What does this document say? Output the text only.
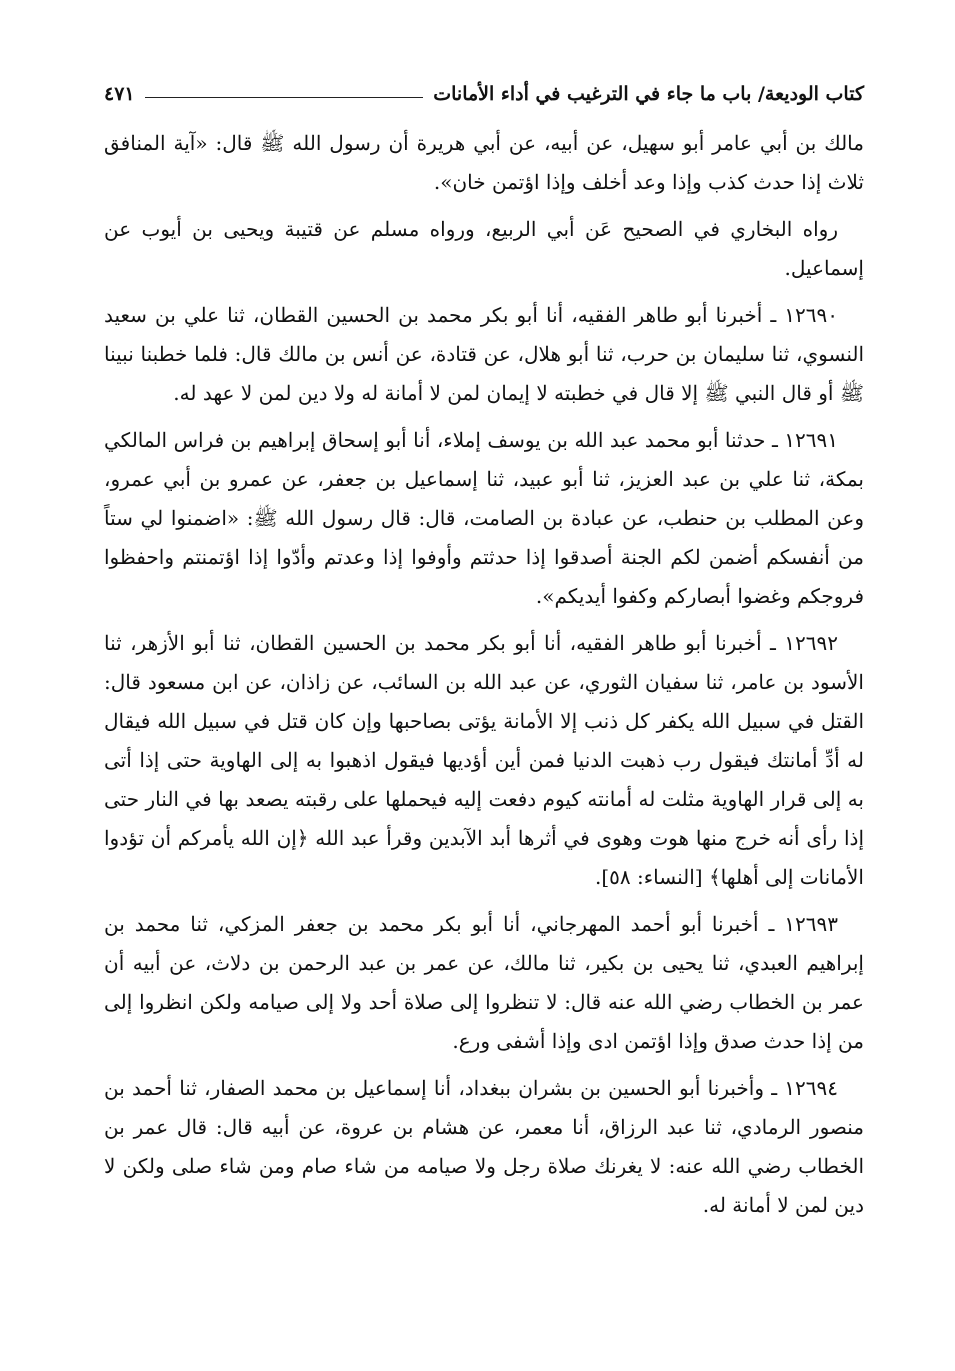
كتاب الوديعة/ باب ما جاء في الترغيب في أداء الأمانات
٤٧١

مالك بن أبي عامر أبو سهيل، عن أبيه، عن أبي هريرة أن رسول الله ﷺ قال: «آية المنافق ثلاث إذا حدث كذب وإذا وعد أخلف وإذا اؤتمن خان».

رواه البخاري في الصحيح عَن أبي الربيع، ورواه مسلم عن قتيبة ويحيى بن أيوب عن إسماعيل.

١٢٦٩٠ ـ أخبرنا أبو طاهر الفقيه، أنا أبو بكر محمد بن الحسين القطان، ثنا علي بن سعيد النسوي، ثنا سليمان بن حرب، ثنا أبو هلال، عن قتادة، عن أنس بن مالك قال: فلما خطبنا نبينا ﷺ أو قال النبي ﷺ إلا قال في خطبته لا إيمان لمن لا أمانة له ولا دين لمن لا عهد له.

١٢٦٩١ ـ حدثنا أبو محمد عبد الله بن يوسف إملاء، أنا أبو إسحاق إبراهيم بن فراس المالكي بمكة، ثنا علي بن عبد العزيز، ثنا أبو عبيد، ثنا إسماعيل بن جعفر، عن عمرو بن أبي عمرو، وعن المطلب بن حنطب، عن عبادة بن الصامت، قال: قال رسول الله ﷺ: «اضمنوا لي ستاً من أنفسكم أضمن لكم الجنة أصدقوا إذا حدثتم وأوفوا إذا وعدتم وأدّوا إذا اؤتمنتم واحفظوا فروجكم وغضوا أبصاركم وكفوا أيديكم».

١٢٦٩٢ ـ أخبرنا أبو طاهر الفقيه، أنا أبو بكر محمد بن الحسين القطان، ثنا أبو الأزهر، ثنا الأسود بن عامر، ثنا سفيان الثوري، عن عبد الله بن السائب، عن زاذان، عن ابن مسعود قال: القتل في سبيل الله يكفر كل ذنب إلا الأمانة يؤتى بصاحبها وإن كان قتل في سبيل الله فيقال له أدِّ أمانتك فيقول رب ذهبت الدنيا فمن أين أؤديها فيقول اذهبوا به إلى الهاوية حتى إذا أتى به إلى قرار الهاوية مثلت له أمانته كيوم دفعت إليه فيحملها على رقبته يصعد بها في النار حتى إذا رأى أنه خرج منها هوت وهوى في أثرها أبد الآبدين وقرأ عبد الله ﴿إن الله يأمركم أن تؤدوا الأمانات إلى أهلها﴾ [النساء: ٥٨].

١٢٦٩٣ ـ أخبرنا أبو أحمد المهرجاني، أنا أبو بكر محمد بن جعفر المزكي، ثنا محمد بن إبراهيم العبدي، ثنا يحيى بن بكير، ثنا مالك، عن عمر بن عبد الرحمن بن دلاث، عن أبيه أن عمر بن الخطاب رضي الله عنه قال: لا تنظروا إلى صلاة أحد ولا إلى صيامه ولكن انظروا إلى من إذا حدث صدق وإذا اؤتمن ادى وإذا أشفى ورع.

١٢٦٩٤ ـ وأخبرنا أبو الحسين بن بشران ببغداد، أنا إسماعيل بن محمد الصفار، ثنا أحمد بن منصور الرمادي، ثنا عبد الرزاق، أنا معمر، عن هشام بن عروة، عن أبيه قال: قال عمر بن الخطاب رضي الله عنه: لا يغرنك صلاة رجل ولا صيامه من شاء صام ومن شاء صلى ولكن لا دين لمن لا أمانة له.
